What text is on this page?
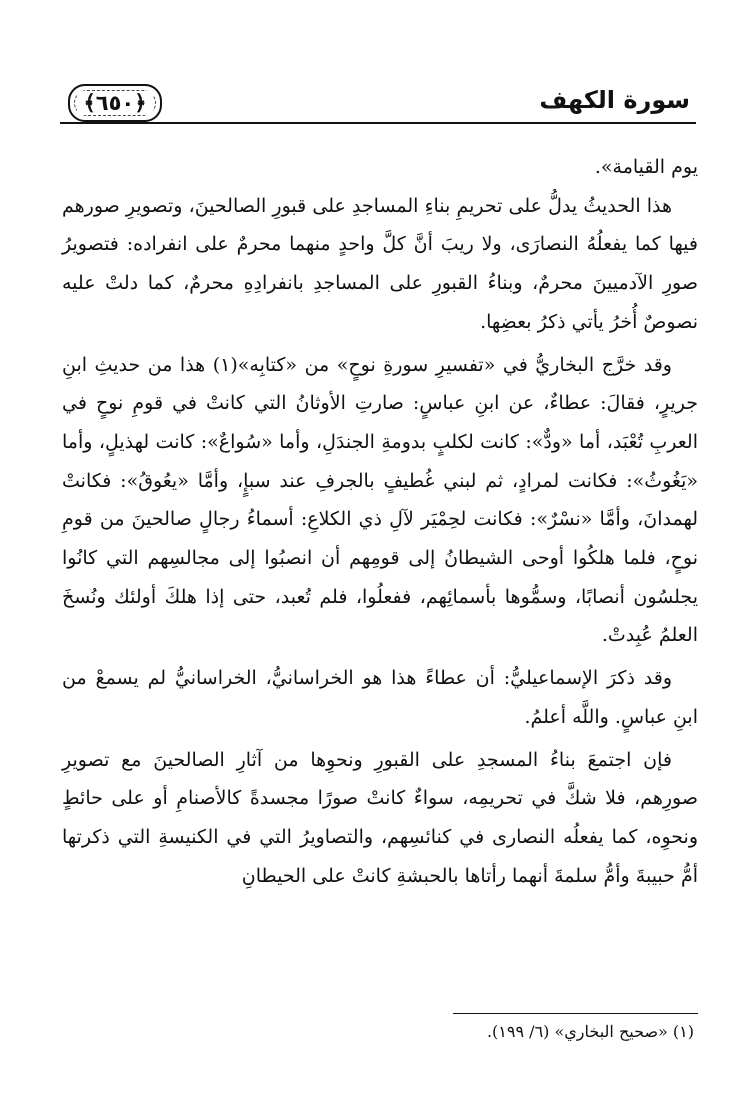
﴿٦٥٠﴾	سورة الكهف

يوم القيامة».

هذا الحديثُ يدلُّ على تحريمِ بناءِ المساجدِ على قبورِ الصالحينَ، وتصويرِ صورهم فيها كما يفعلُهُ النصارَى، ولا ريبَ أنَّ كلَّ واحدٍ منهما محرمٌ على انفراده: فتصويرُ صورِ الآدميينَ محرمٌ، وبناءُ القبورِ على المساجدِ بانفرادِهِ محرمٌ، كما دلتْ عليه نصوصٌ أُخرُ يأتي ذكرُ بعضِها.

وقد خرَّج البخاريُّ في «تفسيرِ سورةِ نوحٍ» من «كتابِه»(١) هذا من حديثِ ابنِ جريرٍ، فقالَ: عطاءٌ، عن ابنِ عباسٍ: صارتِ الأوثانُ التي كانتْ في قومِ نوحٍ في العربِ تُعْبَد، أما «ودٌّ»: كانت لكلبٍ بدومةِ الجندَلِ، وأما «سُواعٌ»: كانت لهذيلٍ، وأما «يَغُوثُ»: فكانت لمرادٍ، ثم لبني غُطيفٍ بالجرفِ عند سبإٍ، وأمَّا «يعُوقُ»: فكانتْ لهمدانَ، وأمَّا «نسْرٌ»: فكانت لحِمْيَر لآلِ ذي الكلاعِ: أسماءُ رجالٍ صالحينَ من قومِ نوحٍ، فلما هلكُوا أوحى الشيطانُ إلى قومِهم أن انصبُوا إلى مجالسِهم التي كانُوا يجلسُون أنصابًا، وسمُّوها بأسمائِهم، ففعلُوا، فلم تُعبد، حتى إذا هلكَ أولئك ونُسخَ العلمُ عُبِدتْ.

وقد ذكرَ الإسماعيليُّ: أن عطاءً هذا هو الخراسانيُّ، الخراسانيُّ لم يسمعْ من ابنِ عباسٍ. واللَّه أعلمُ.

فإن اجتمعَ بناءُ المسجدِ على القبورِ ونحوِها من آثارِ الصالحينَ مع تصويرِ صورِهم، فلا شكَّ في تحريمِه، سواءٌ كانتْ صورًا مجسدةً كالأصنامِ أو على حائطٍ ونحوِه، كما يفعلُه النصارى في كنائسِهم، والتصاويرُ التي في الكنيسةِ التي ذكرتها أمُّ حبيبةَ وأمُّ سلمةَ أنهما رأتاها بالحبشةِ كانتْ على الحيطانِ

(١) «صحيح البخاري» (٦/ ١٩٩).
